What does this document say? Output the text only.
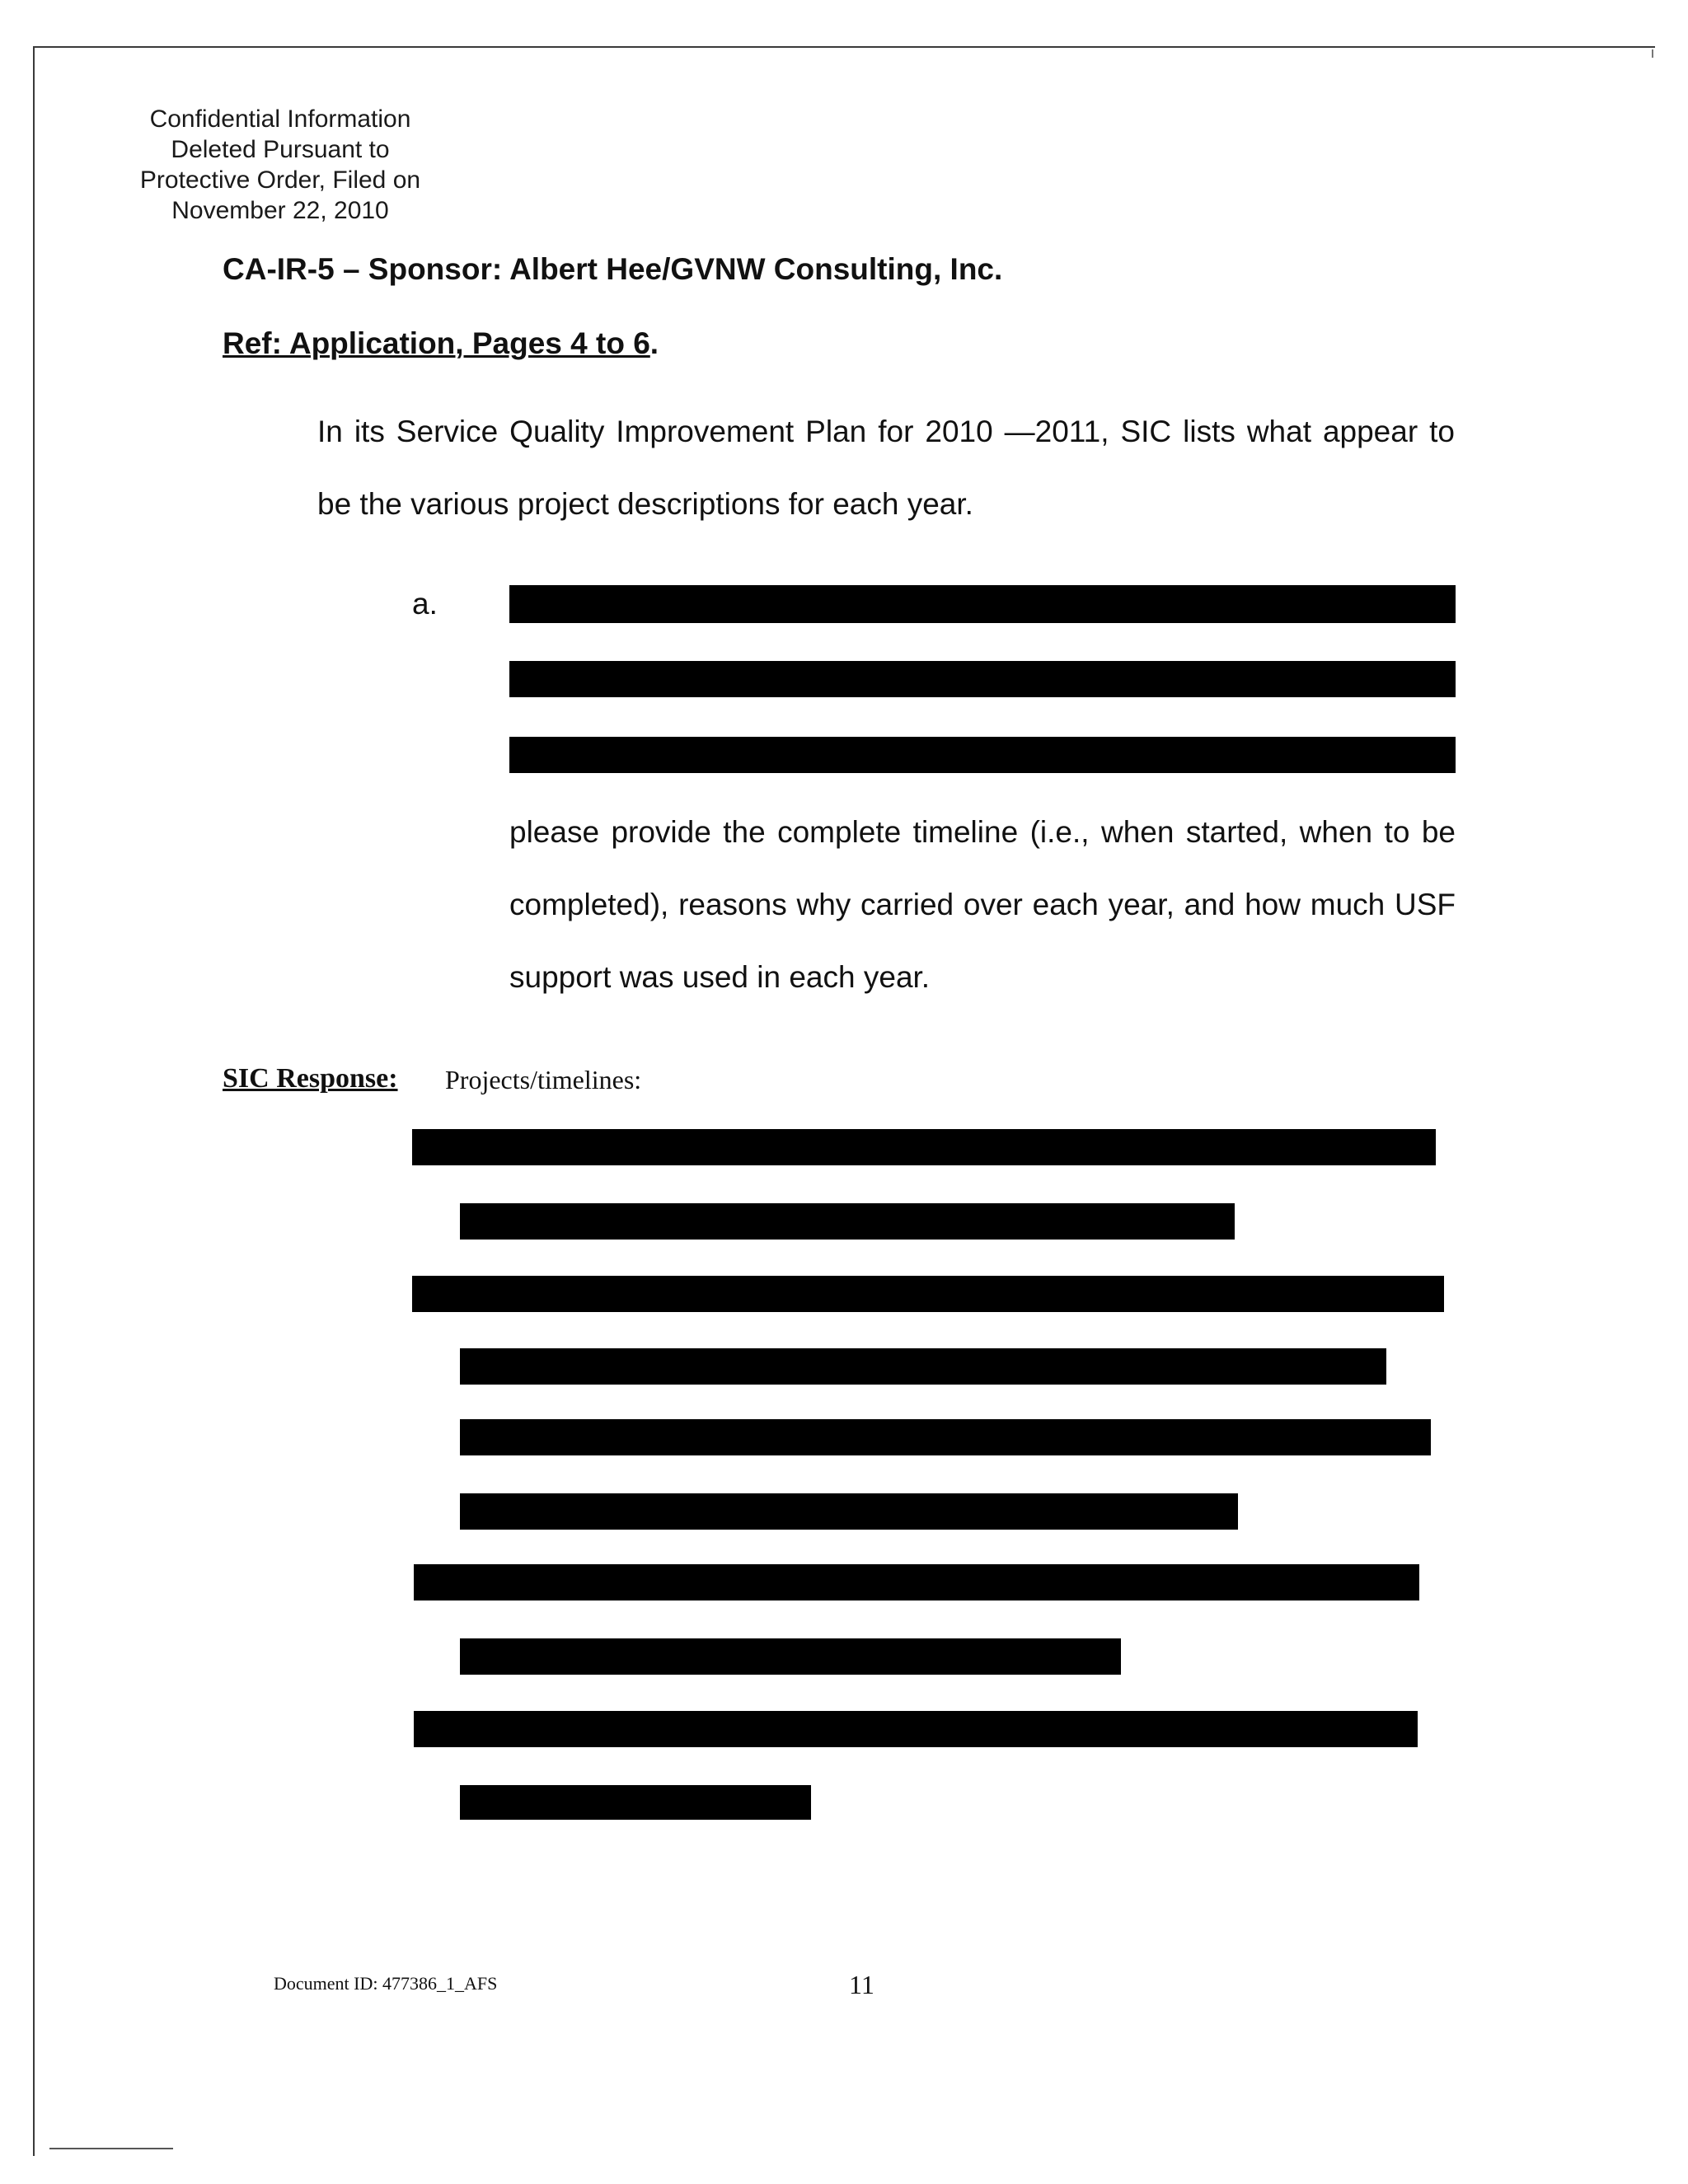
Confidential Information
Deleted Pursuant to
Protective Order, Filed on
November 22, 2010
CA-IR-5 – Sponsor: Albert Hee/GVNW Consulting, Inc.
Ref: Application, Pages 4 to 6.
In its Service Quality Improvement Plan for 2010 —2011, SIC lists what appear to be the various project descriptions for each year.
a.
please provide the complete timeline (i.e., when started, when to be completed), reasons why carried over each year, and how much USF support was used in each year.
SIC Response: Projects/timelines:
Document ID: 477386_1_AFS	11
